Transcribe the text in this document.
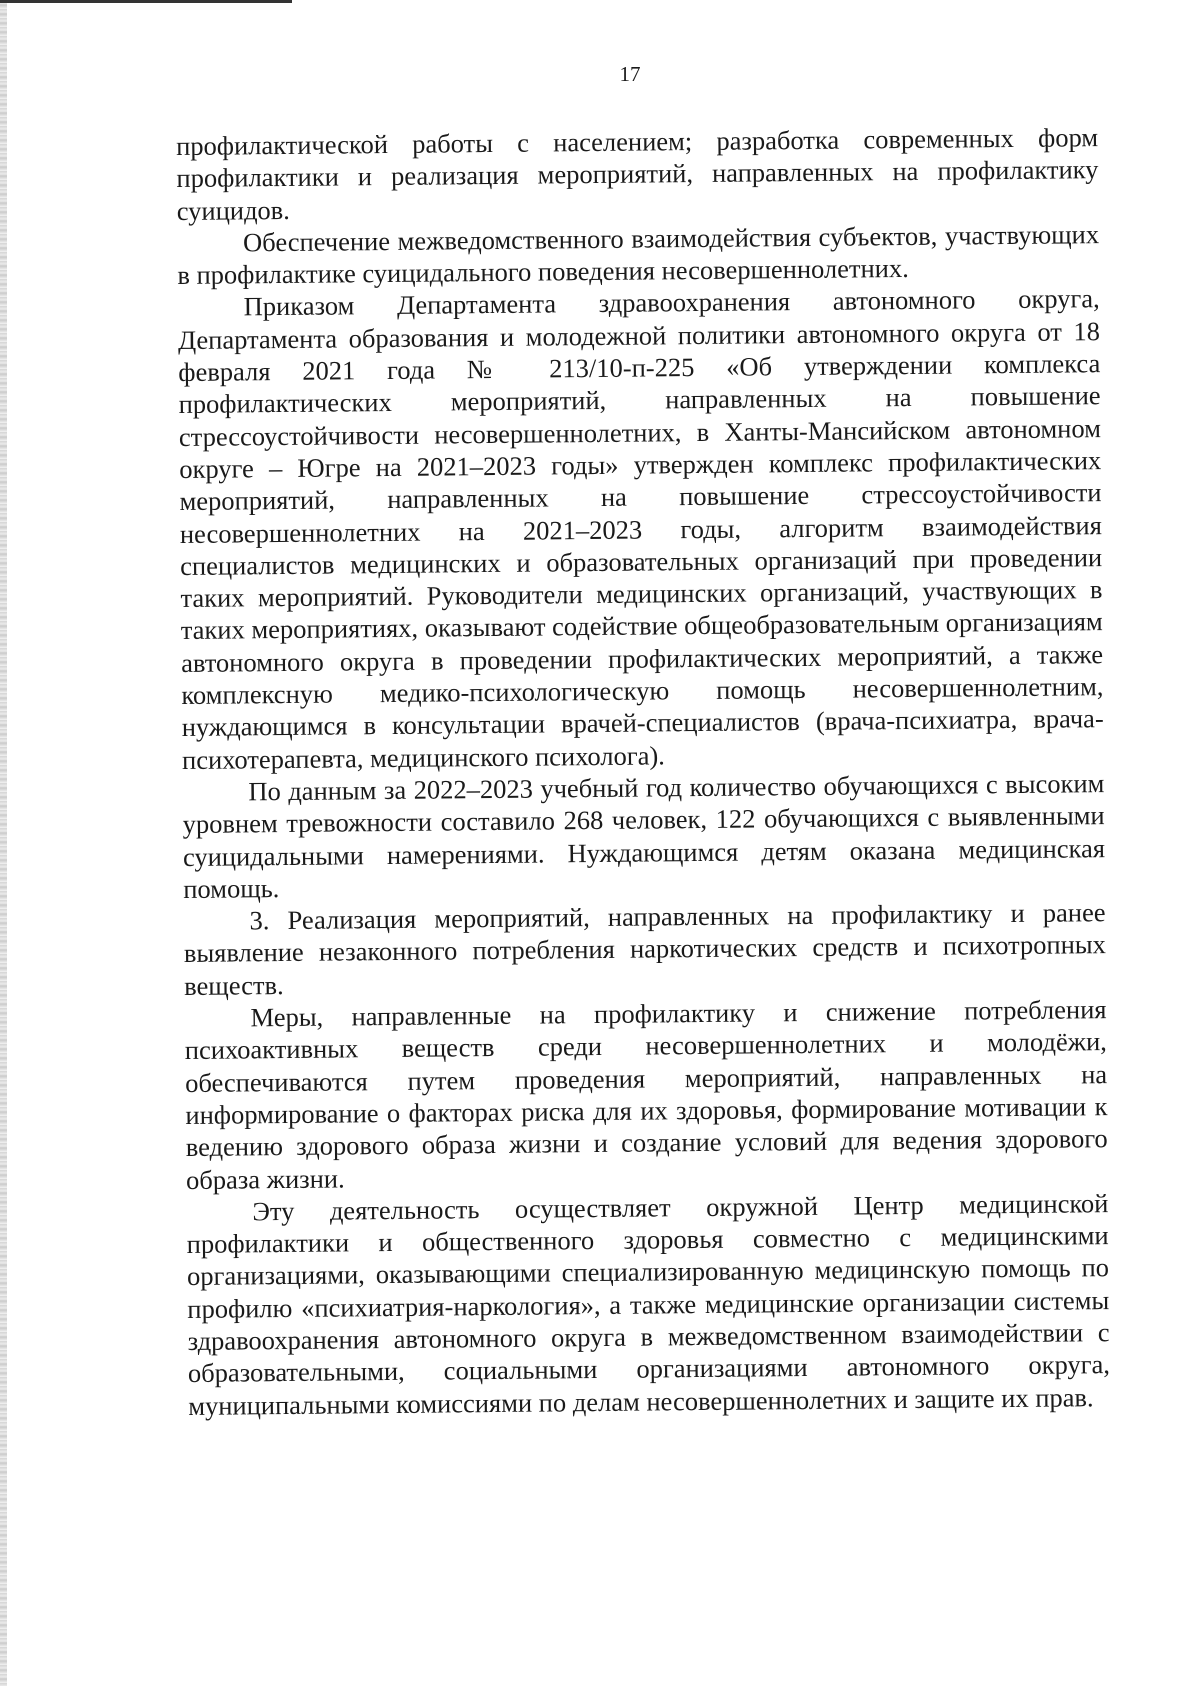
17

профилактической работы с населением; разработка современных форм профилактики и реализация мероприятий, направленных на профилактику суицидов.

Обеспечение межведомственного взаимодействия субъектов, участвующих в профилактике суицидального поведения несовершеннолетних.

Приказом Департамента здравоохранения автономного округа, Департамента образования и молодежной политики автономного округа от 18 февраля 2021 года № 213/10-п-225 «Об утверждении комплекса профилактических мероприятий, направленных на повышение стрессоустойчивости несовершеннолетних, в Ханты-Мансийском автономном округе – Югре на 2021–2023 годы» утвержден комплекс профилактических мероприятий, направленных на повышение стрессоустойчивости несовершеннолетних на 2021–2023 годы, алгоритм взаимодействия специалистов медицинских и образовательных организаций при проведении таких мероприятий. Руководители медицинских организаций, участвующих в таких мероприятиях, оказывают содействие общеобразовательным организациям автономного округа в проведении профилактических мероприятий, а также комплексную медико-психологическую помощь несовершеннолетним, нуждающимся в консультации врачей-специалистов (врача-психиатра, врача-психотерапевта, медицинского психолога).

По данным за 2022–2023 учебный год количество обучающихся с высоким уровнем тревожности составило 268 человек, 122 обучающихся с выявленными суицидальными намерениями. Нуждающимся детям оказана медицинская помощь.

3. Реализация мероприятий, направленных на профилактику и ранее выявление незаконного потребления наркотических средств и психотропных веществ.

Меры, направленные на профилактику и снижение потребления психоактивных веществ среди несовершеннолетних и молодёжи, обеспечиваются путем проведения мероприятий, направленных на информирование о факторах риска для их здоровья, формирование мотивации к ведению здорового образа жизни и создание условий для ведения здорового образа жизни.

Эту деятельность осуществляет окружной Центр медицинской профилактики и общественного здоровья совместно с медицинскими организациями, оказывающими специализированную медицинскую помощь по профилю «психиатрия-наркология», а также медицинские организации системы здравоохранения автономного округа в межведомственном взаимодействии с образовательными, социальными организациями автономного округа, муниципальными комиссиями по делам несовершеннолетних и защите их прав.
